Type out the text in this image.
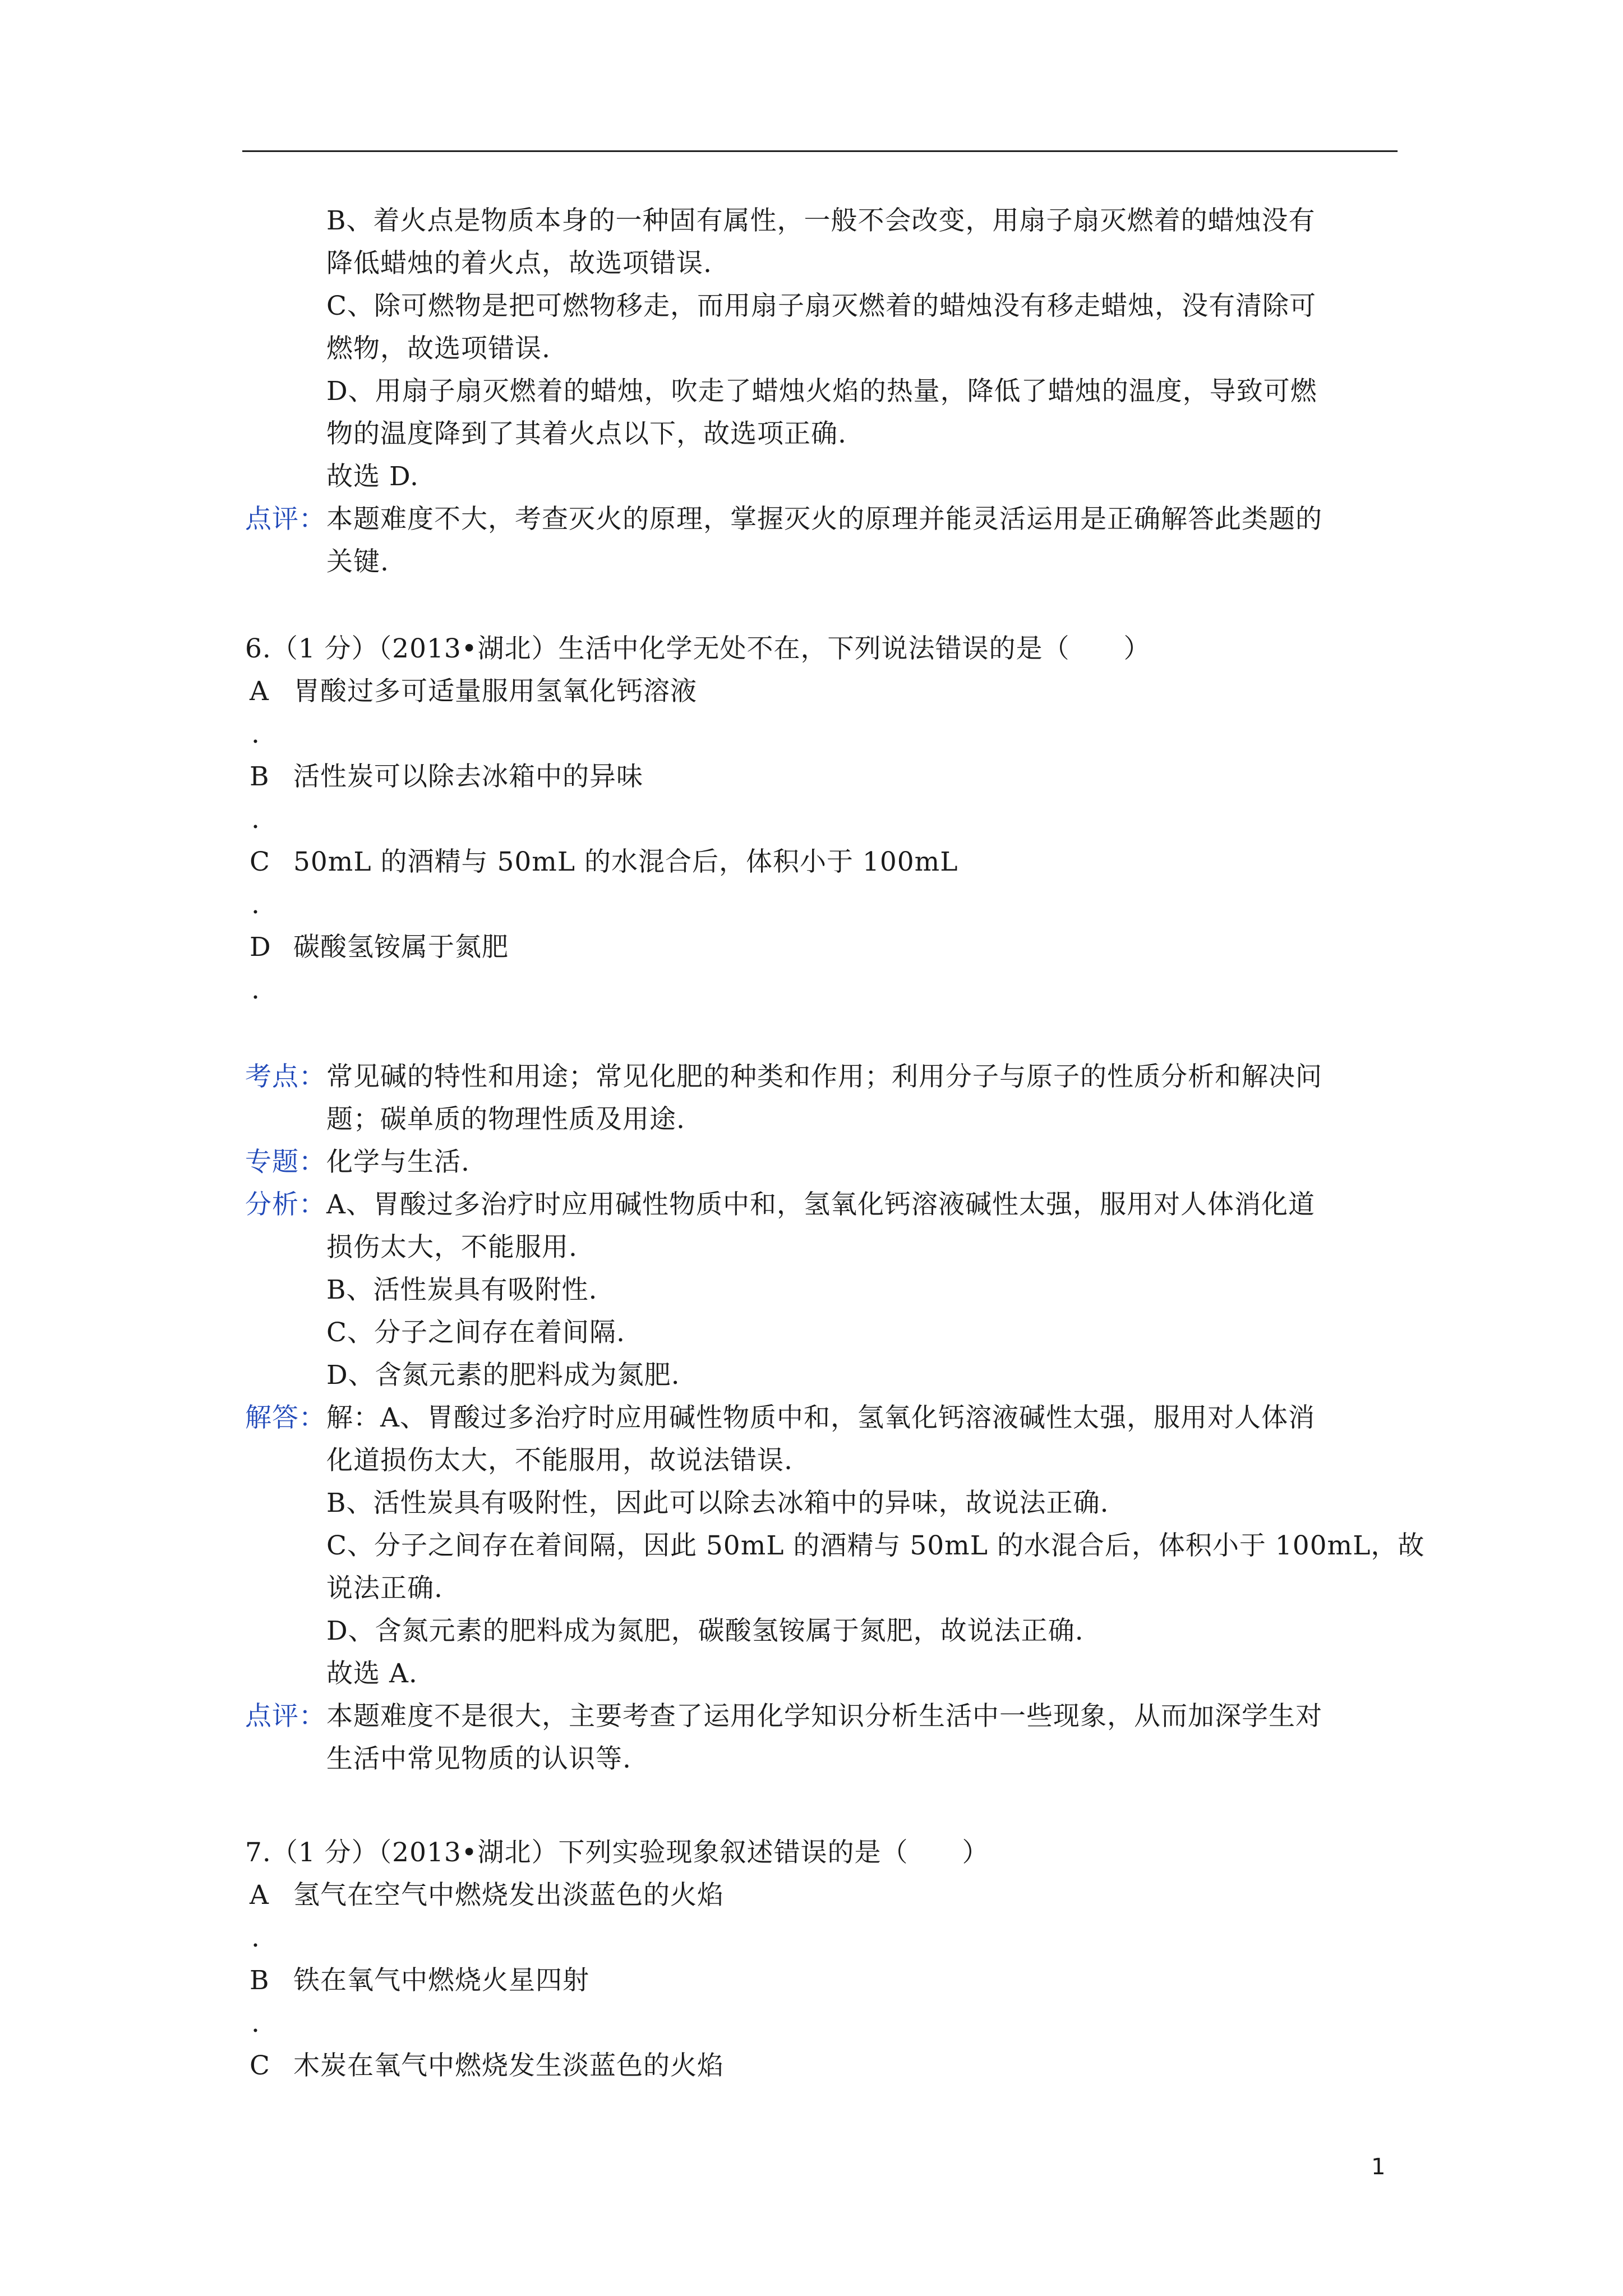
B、着火点是物质本身的一种固有属性，一般不会改变，用扇子扇灭燃着的蜡烛没有
降低蜡烛的着火点，故选项错误.
C、除可燃物是把可燃物移走，而用扇子扇灭燃着的蜡烛没有移走蜡烛，没有清除可
燃物，故选项错误.
D、用扇子扇灭燃着的蜡烛，吹走了蜡烛火焰的热量，降低了蜡烛的温度，导致可燃
物的温度降到了其着火点以下，故选项正确.
故选 D.
点评： 本题难度不大，考查灭火的原理，掌握灭火的原理并能灵活运用是正确解答此类题的
关键.
6.（1 分）（2013•湖北）生活中化学无处不在，下列说法错误的是（　　）
A 胃酸过多可适量服用氢氧化钙溶液
.
B 活性炭可以除去冰箱中的异味
.
C 50mL 的酒精与 50mL 的水混合后，体积小于 100mL
.
D 碳酸氢铵属于氮肥
.
考点： 常见碱的特性和用途；常见化肥的种类和作用；利用分子与原子的性质分析和解决问
题；碳单质的物理性质及用途.
专题： 化学与生活.
分析： A、胃酸过多治疗时应用碱性物质中和，氢氧化钙溶液碱性太强，服用对人体消化道
损伤太大，不能服用.
B、活性炭具有吸附性.
C、分子之间存在着间隔.
D、含氮元素的肥料成为氮肥.
解答： 解：A、胃酸过多治疗时应用碱性物质中和，氢氧化钙溶液碱性太强，服用对人体消
化道损伤太大，不能服用，故说法错误.
B、活性炭具有吸附性，因此可以除去冰箱中的异味，故说法正确.
C、分子之间存在着间隔，因此 50mL 的酒精与 50mL 的水混合后，体积小于 100mL，故
说法正确.
D、含氮元素的肥料成为氮肥，碳酸氢铵属于氮肥，故说法正确.
故选 A.
点评： 本题难度不是很大，主要考查了运用化学知识分析生活中一些现象，从而加深学生对
生活中常见物质的认识等.
7.（1 分）（2013•湖北）下列实验现象叙述错误的是（　　）
A 氢气在空气中燃烧发出淡蓝色的火焰
.
B 铁在氧气中燃烧火星四射
.
C 木炭在氧气中燃烧发生淡蓝色的火焰
1
